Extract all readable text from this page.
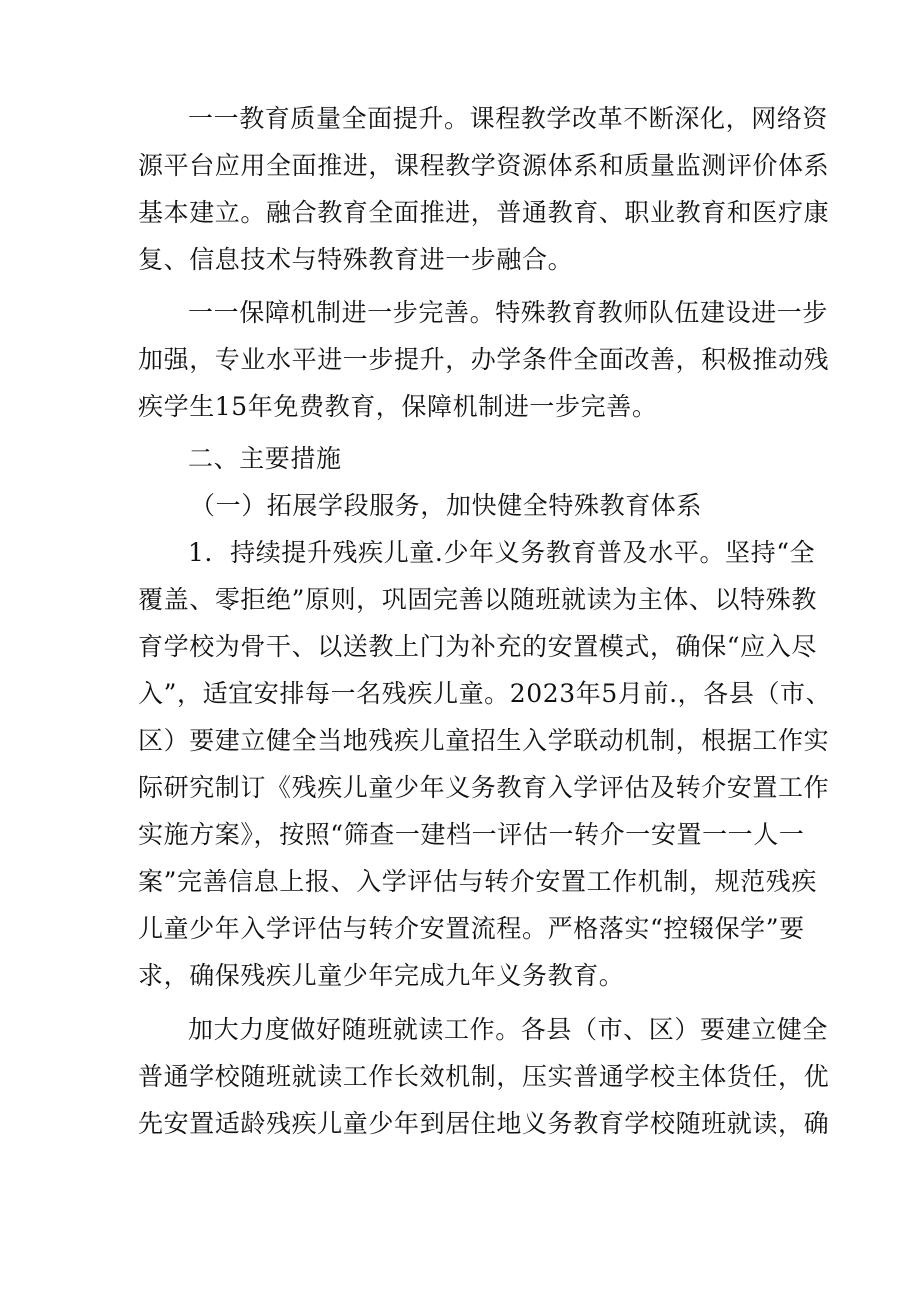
一一教育质量全面提升。课程教学改革不断深化，网络资
源平台应用全面推进，课程教学资源体系和质量监测评价体系
基本建立。融合教育全面推进，普通教育、职业教育和医疗康
复、信息技术与特殊教育进一步融合。
一一保障机制进一步完善。特殊教育教师队伍建设进一步
加强，专业水平进一步提升，办学条件全面改善，积极推动残
疾学生15年免费教育，保障机制进一步完善。
二、主要措施
（一）拓展学段服务，加快健全特殊教育体系
1．持续提升残疾儿童.少年义务教育普及水平。坚持“全
覆盖、零拒绝”原则，巩固完善以随班就读为主体、以特殊教
育学校为骨干、以送教上门为补充的安置模式，确保“应入尽
入”，适宜安排每一名残疾儿童。2023年5月前.，各县（市、
区）要建立健全当地残疾儿童招生入学联动机制，根据工作实
际研究制订《残疾儿童少年义务教育入学评估及转介安置工作
实施方案》，按照“筛查一建档一评估一转介一安置一一人一
案”完善信息上报、入学评估与转介安置工作机制，规范残疾
儿童少年入学评估与转介安置流程。严格落实“控辍保学”要
求，确保残疾儿童少年完成九年义务教育。
加大力度做好随班就读工作。各县（市、区）要建立健全
普通学校随班就读工作长效机制，压实普通学校主体货任，优
先安置适龄残疾儿童少年到居住地义务教育学校随班就读，确
